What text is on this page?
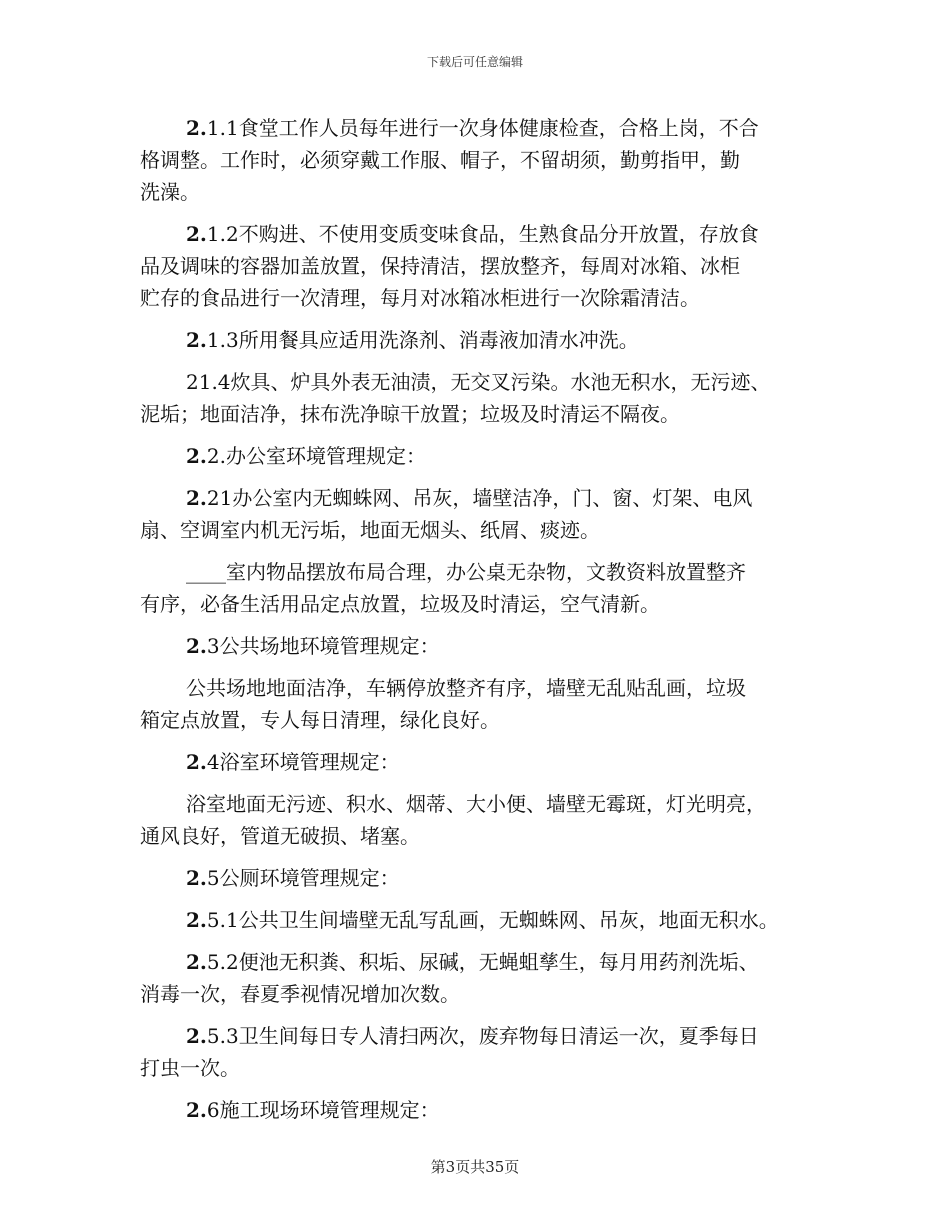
下载后可任意编辑
2.1.1食堂工作人员每年进行一次身体健康检查，合格上岗，不合
格调整。工作时，必须穿戴工作服、帽子，不留胡须，勤剪指甲，勤
洗澡。
2.1.2不购进、不使用变质变味食品，生熟食品分开放置，存放食
品及调味的容器加盖放置，保持清洁，摆放整齐，每周对冰箱、冰柜
贮存的食品进行一次清理，每月对冰箱冰柜进行一次除霜清洁。
2.1.3所用餐具应适用洗涤剂、消毒液加清水冲洗。
21.4炊具、炉具外表无油渍，无交叉污染。水池无积水，无污迹、
泥垢；地面洁净，抹布洗净晾干放置；垃圾及时清运不隔夜。
2.2.办公室环境管理规定：
2.21办公室内无蜘蛛网、吊灰，墙壁洁净，门、窗、灯架、电风
扇、空调室内机无污垢，地面无烟头、纸屑、痰迹。
____室内物品摆放布局合理，办公桌无杂物，文教资料放置整齐
有序，必备生活用品定点放置，垃圾及时清运，空气清新。
2.3公共场地环境管理规定：
公共场地地面洁净，车辆停放整齐有序，墙壁无乱贴乱画，垃圾
箱定点放置，专人每日清理，绿化良好。
2.4浴室环境管理规定：
浴室地面无污迹、积水、烟蒂、大小便、墙壁无霉斑，灯光明亮，
通风良好，管道无破损、堵塞。
2.5公厕环境管理规定：
2.5.1公共卫生间墙壁无乱写乱画，无蜘蛛网、吊灰，地面无积水。
2.5.2便池无积粪、积垢、尿碱，无蝇蛆孳生，每月用药剂洗垢、
消毒一次，春夏季视情况增加次数。
2.5.3卫生间每日专人清扫两次，废弃物每日清运一次，夏季每日
打虫一次。
2.6施工现场环境管理规定：
第3页共35页
